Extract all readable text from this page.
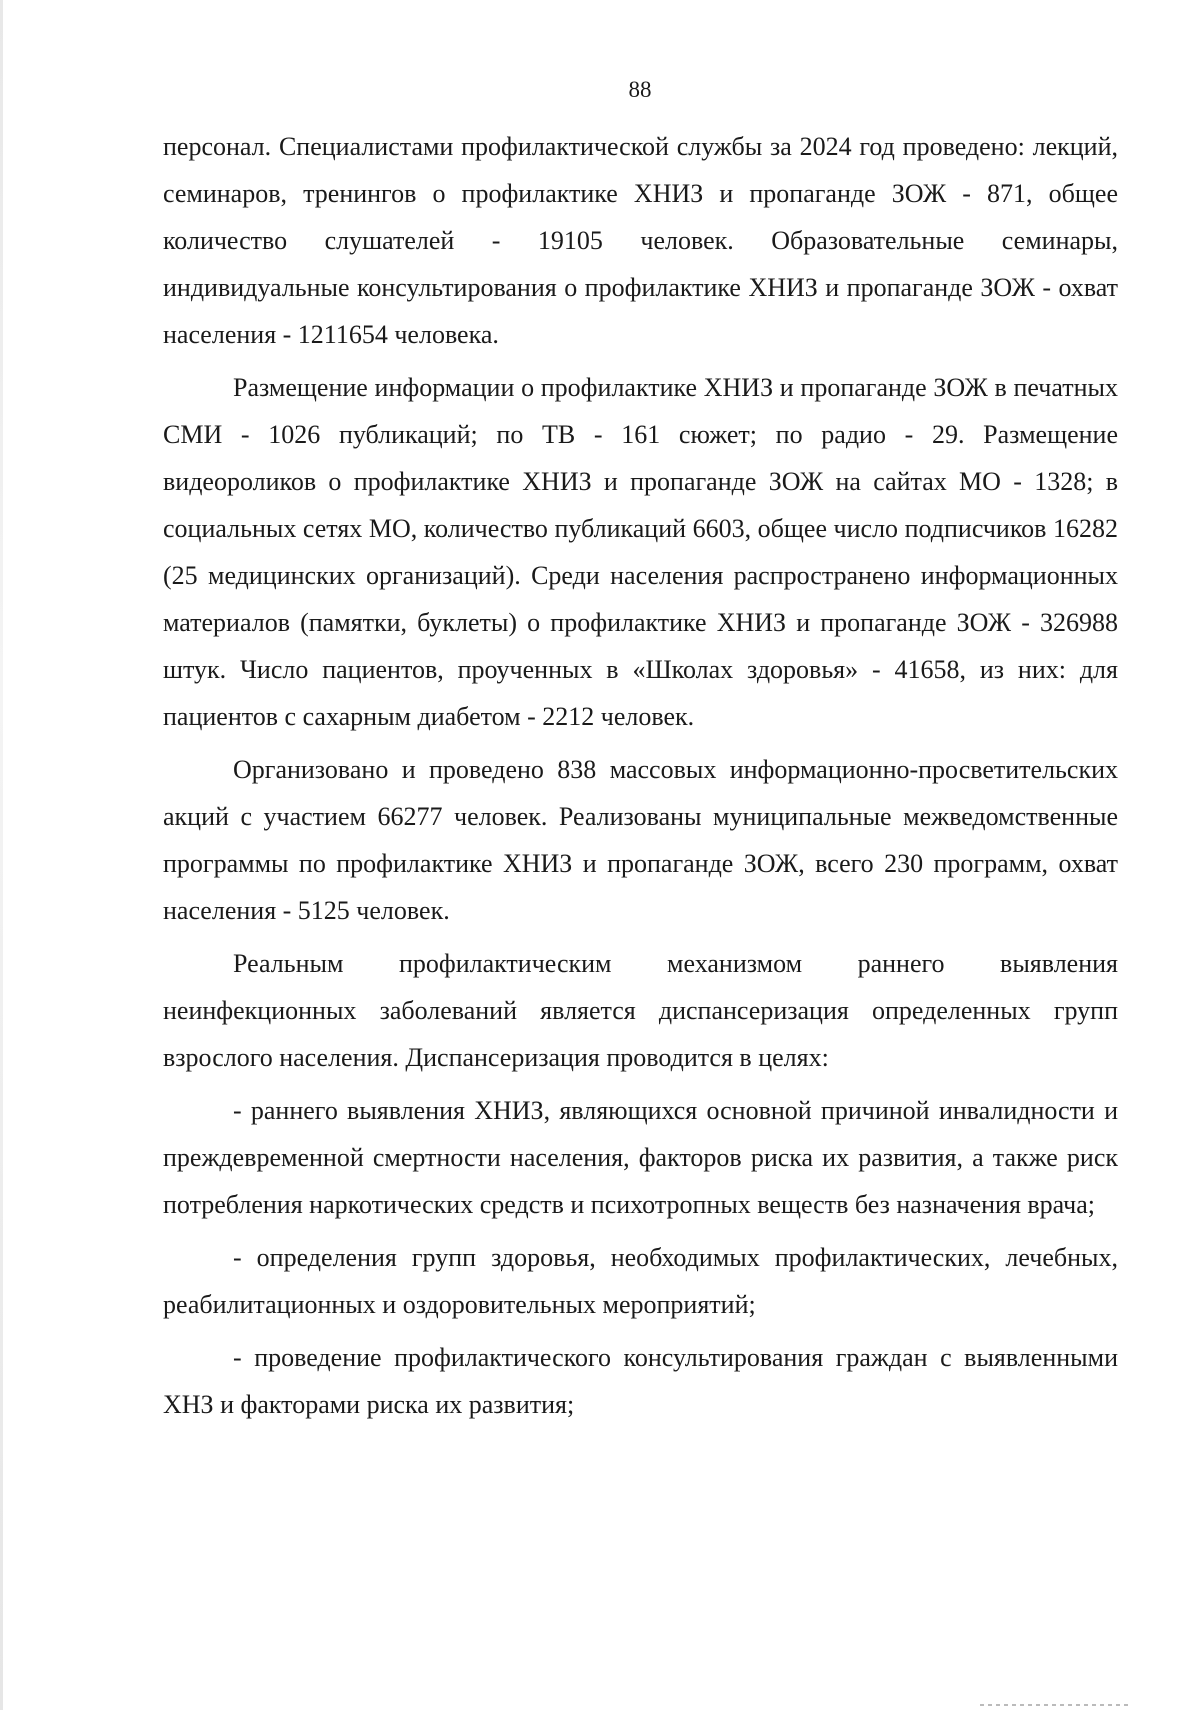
88

персонал. Специалистами профилактической службы за 2024 год проведено: лекций, семинаров, тренингов о профилактике ХНИЗ и пропаганде ЗОЖ - 871, общее количество слушателей - 19105 человек. Образовательные семинары, индивидуальные консультирования о профилактике ХНИЗ и пропаганде ЗОЖ - охват населения - 1211654 человека.

Размещение информации о профилактике ХНИЗ и пропаганде ЗОЖ в печатных СМИ - 1026 публикаций; по ТВ - 161 сюжет; по радио - 29. Размещение видеороликов о профилактике ХНИЗ и пропаганде ЗОЖ на сайтах МО - 1328; в социальных сетях МО, количество публикаций 6603, общее число подписчиков 16282 (25 медицинских организаций). Среди населения распространено информационных материалов (памятки, буклеты) о профилактике ХНИЗ и пропаганде ЗОЖ - 326988 штук. Число пациентов, проученных в «Школах здоровья» - 41658, из них: для пациентов с сахарным диабетом - 2212 человек.

Организовано и проведено 838 массовых информационно-просветительских акций с участием 66277 человек. Реализованы муниципальные межведомственные программы по профилактике ХНИЗ и пропаганде ЗОЖ, всего 230 программ, охват населения - 5125 человек.

Реальным профилактическим механизмом раннего выявления неинфекционных заболеваний является диспансеризация определенных групп взрослого населения. Диспансеризация проводится в целях:

- раннего выявления ХНИЗ, являющихся основной причиной инвалидности и преждевременной смертности населения, факторов риска их развития, а также риск потребления наркотических средств и психотропных веществ без назначения врача;

- определения групп здоровья, необходимых профилактических, лечебных, реабилитационных и оздоровительных мероприятий;

- проведение профилактического консультирования граждан с выявленными ХНЗ и факторами риска их развития;
